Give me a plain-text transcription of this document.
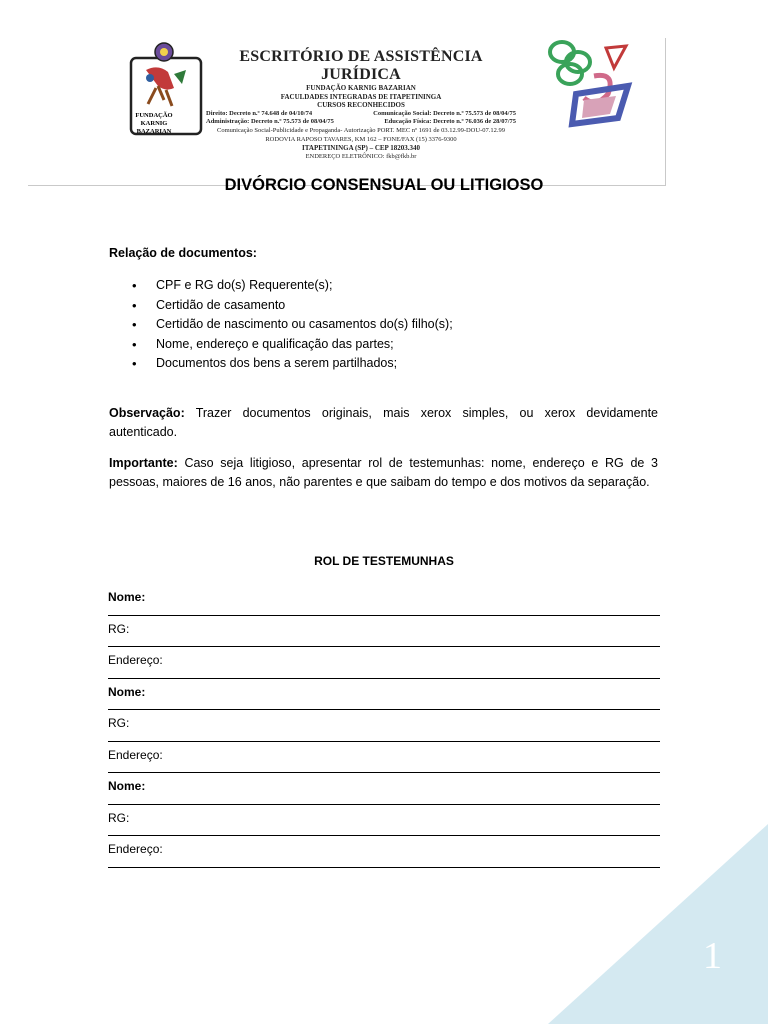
FUNDAÇÃO KARNIG BAZARIAN
ESCRITÓRIO DE ASSISTÊNCIA JURÍDICA
FUNDAÇÃO KARNIG BAZARIAN
FACULDADES INTEGRADAS DE ITAPETININGA
CURSOS RECONHECIDOS
Direito: Decreto n.º 74.648 de 04/10/74	Comunicação Social: Decreto n.º 75.573 de 08/04/75
Administração: Decreto n.º 75.573 de 08/04/75	Educação Física: Decreto n.º 76.036 de 28/07/75
Comunicação Social-Publicidade e Propaganda- Autorização PORT. MEC nº 1691 de 03.12.99-DOU-07.12.99
RODOVIA RAPOSO TAVARES, KM 162 – FONE/FAX (15) 3376-9300
ITAPETININGA (SP) – CEP 18203.340
ENDEREÇO ELETRÔNICO: fkb@fkb.br
DIVÓRCIO CONSENSUAL OU LITIGIOSO
Relação de documentos:
• CPF e RG do(s) Requerente(s);
• Certidão de casamento
• Certidão de nascimento ou casamentos do(s) filho(s);
• Nome, endereço e qualificação das partes;
• Documentos dos bens a serem partilhados;
Observação: Trazer documentos originais, mais xerox simples, ou xerox devidamente autenticado.
Importante: Caso seja litigioso, apresentar rol de testemunhas: nome, endereço e RG de 3 pessoas, maiores de 16 anos, não parentes e que saibam do tempo e dos motivos da separação.
ROL DE TESTEMUNHAS
Nome:
RG:
Endereço:
Nome:
RG:
Endereço:
Nome:
RG:
Endereço:
1
